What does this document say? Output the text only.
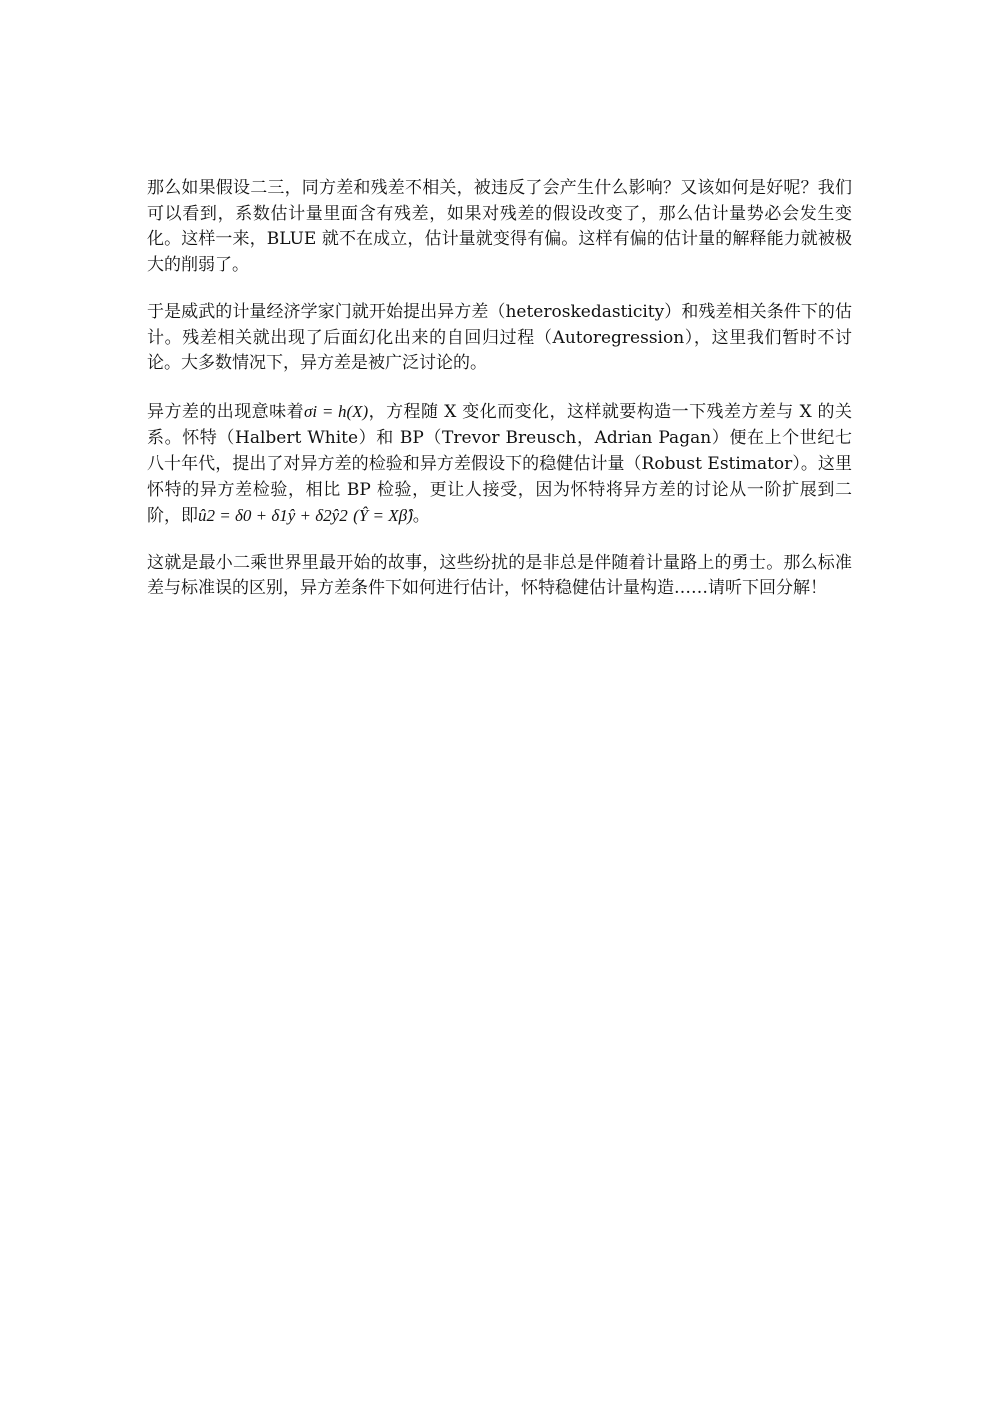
那么如果假设二三，同方差和残差不相关，被违反了会产生什么影响？又该如何是好呢？我们可以看到，系数估计量里面含有残差，如果对残差的假设改变了，那么估计量势必会发生变化。这样一来，BLUE 就不在成立，估计量就变得有偏。这样有偏的估计量的解释能力就被极大的削弱了。

于是威武的计量经济学家门就开始提出异方差（heteroskedasticity）和残差相关条件下的估计。残差相关就出现了后面幻化出来的自回归过程（Autoregression），这里我们暂时不讨论。大多数情况下，异方差是被广泛讨论的。

异方差的出现意味着σi = h(X)，方程随 X 变化而变化，这样就要构造一下残差方差与 X 的关系。怀特（Halbert White）和 BP（Trevor Breusch，Adrian Pagan）便在上个世纪七八十年代，提出了对异方差的检验和异方差假设下的稳健估计量（Robust Estimator）。这里怀特的异方差检验，相比 BP 检验，更让人接受，因为怀特将异方差的讨论从一阶扩展到二阶，即û2 = δ0 + δ1ŷ + δ2ŷ2 (Ŷ = Xβ̂)。

这就是最小二乘世界里最开始的故事，这些纷扰的是非总是伴随着计量路上的勇士。那么标准差与标准误的区别，异方差条件下如何进行估计，怀特稳健估计量构造……请听下回分解！
